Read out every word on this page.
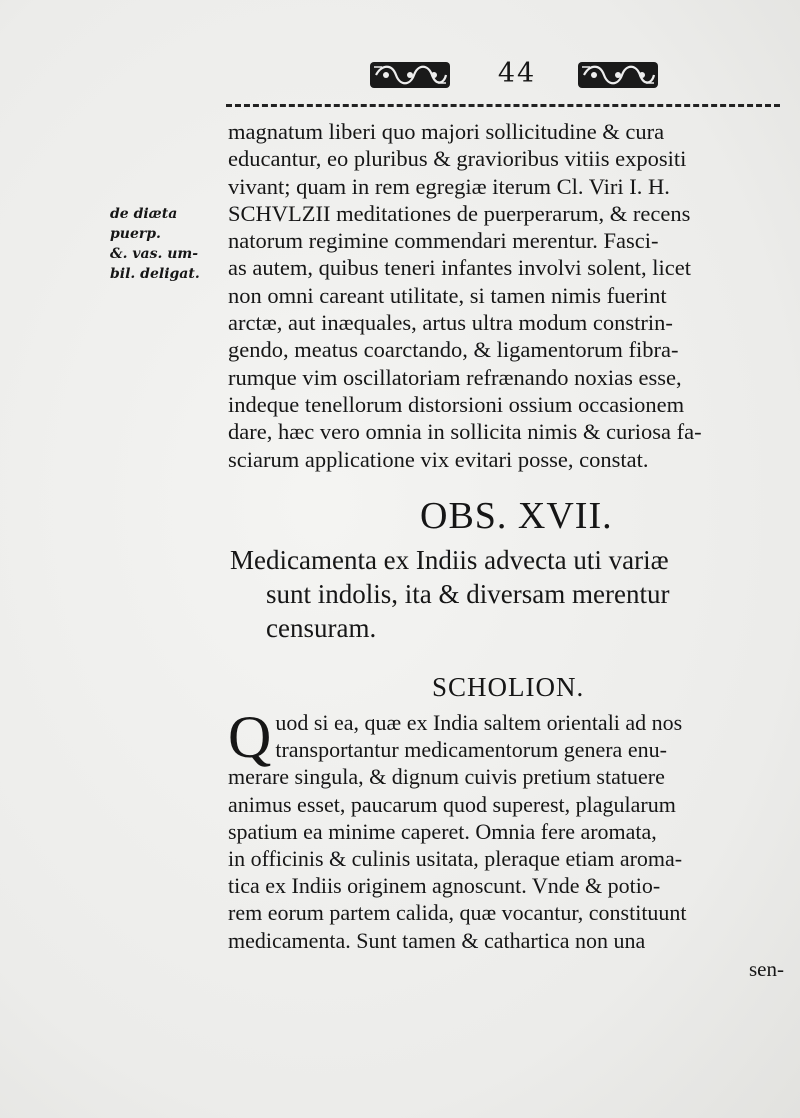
44
de diæta
puerp.
&. vas. um-
bil. deligat.
magnatum liberi quo majori sollicitudine & cura
educantur, eo pluribus & gravioribus vitiis expositi
vivant; quam in rem egregiæ iterum Cl. Viri I. H.
SCHVLZII meditationes de puerperarum, & recens
natorum regimine commendari merentur. Fasci-
as autem, quibus teneri infantes involvi solent, licet
non omni careant utilitate, si tamen nimis fuerint
arctæ, aut inæquales, artus ultra modum constrin-
gendo, meatus coarctando, & ligamentorum fibra-
rumque vim oscillatoriam refrænando noxias esse,
indeque tenellorum distorsioni ossium occasionem
dare, hæc vero omnia in sollicita nimis & curiosa fa-
sciarum applicatione vix evitari posse, constat.
OBS. XVII.
Medicamenta ex Indiis advecta uti variæ
sunt indolis, ita & diversam merentur
censuram.
SCHOLION.
Q uod si ea, quæ ex India saltem orientali ad nos
transportantur medicamentorum genera enu-
merare singula, & dignum cuivis pretium statuere
animus esset, paucarum quod superest, plagularum
spatium ea minime caperet. Omnia fere aromata,
in officinis & culinis usitata, pleraque etiam aroma-
tica ex Indiis originem agnoscunt. Vnde & potio-
rem eorum partem calida, quæ vocantur, constituunt
medicamenta. Sunt tamen & cathartica non una
sen-
